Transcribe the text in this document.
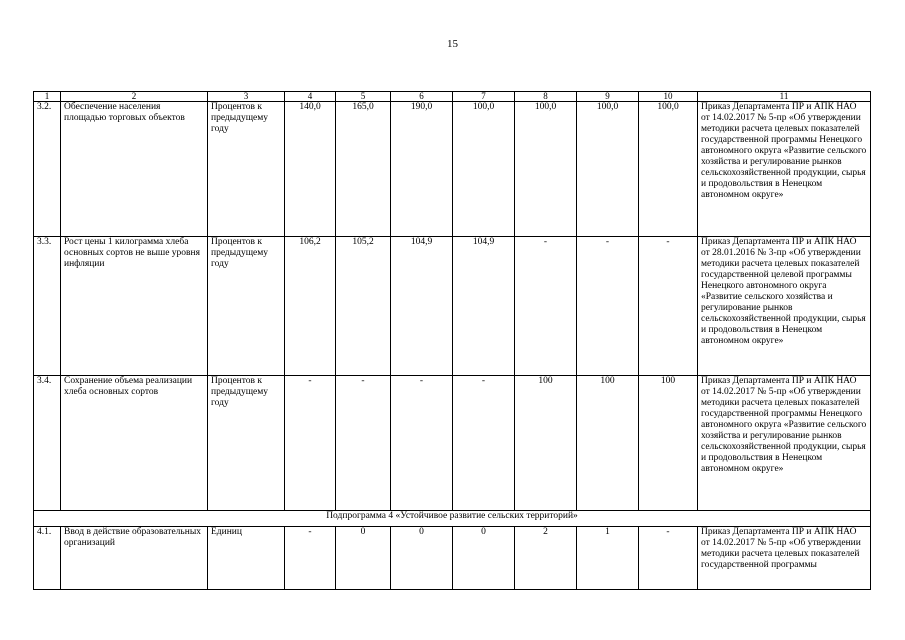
15
1	2	3	4	5	6	7	8	9	10	11
3.2.	Обеспечение населения площадью торговых объектов	Процентов к предыдущему году	140,0	165,0	190,0	100,0	100,0	100,0	100,0	Приказ Департамента ПР и АПК НАО от 14.02.2017 № 5-пр «Об утверждении методики расчета целевых показателей государственной программы Ненецкого автономного округа «Развитие сельского хозяйства и регулирование рынков сельскохозяйственной продукции, сырья и продовольствия в Ненецком автономном округе»
3.3.	Рост цены 1 килограмма хлеба основных сортов не выше уровня инфляции	Процентов к предыдущему году	106,2	105,2	104,9	104,9	-	-	-	Приказ Департамента ПР и АПК НАО от 28.01.2016 № 3-пр «Об утверждении методики расчета целевых показателей государственной целевой программы Ненецкого автономного округа «Развитие сельского хозяйства и регулирование рынков сельскохозяйственной продукции, сырья и продовольствия в Ненецком автономном округе»
3.4.	Сохранение объема реализации хлеба основных сортов	Процентов к предыдущему году	-	-	-	-	100	100	100	Приказ Департамента ПР и АПК НАО от 14.02.2017 № 5-пр «Об утверждении методики расчета целевых показателей государственной программы Ненецкого автономного округа «Развитие сельского хозяйства и регулирование рынков сельскохозяйственной продукции, сырья и продовольствия в Ненецком автономном округе»
Подпрограмма 4 «Устойчивое развитие сельских территорий»										
4.1.	Ввод в действие образовательных организаций	Единиц	-	0	0	0	2	1	-	Приказ Департамента ПР и АПК НАО от 14.02.2017 № 5-пр «Об утверждении методики расчета целевых показателей государственной программы
